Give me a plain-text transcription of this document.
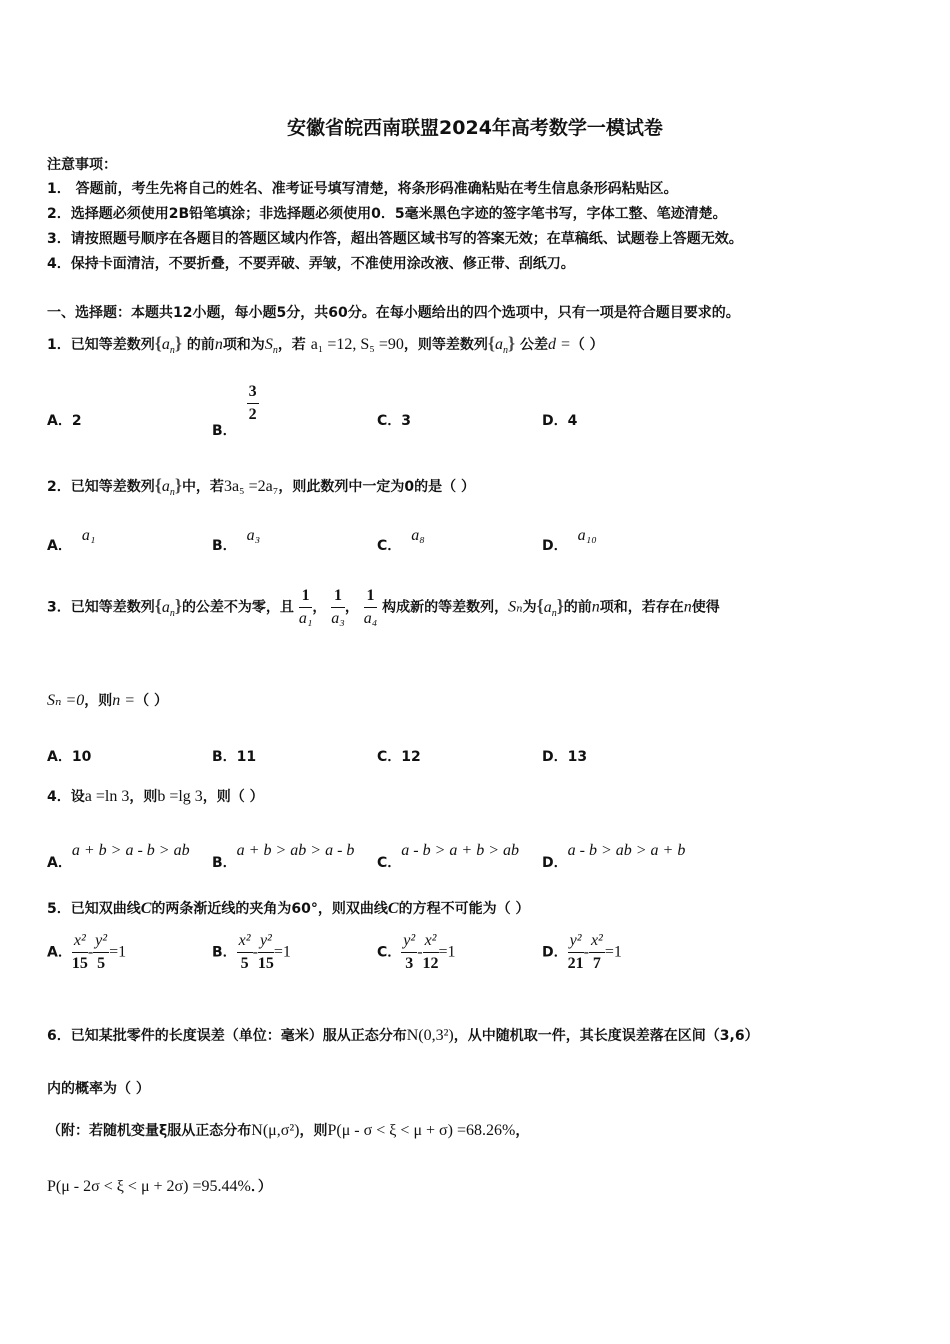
安徽省皖西南联盟2024年高考数学一模试卷
注意事项：
1． 答题前，考生先将自己的姓名、准考证号填写清楚，将条形码准确粘贴在考生信息条形码粘贴区。
2．选择题必须使用2B铅笔填涂；非选择题必须使用0．5毫米黑色字迹的签字笔书写，字体工整、笔迹清楚。
3．请按照题号顺序在各题目的答题区域内作答，超出答题区域书写的答案无效；在草稿纸、试题卷上答题无效。
4．保持卡面清洁，不要折叠，不要弄破、弄皱，不准使用涂改液、修正带、刮纸刀。
一、选择题：本题共12小题，每小题5分，共60分。在每小题给出的四个选项中，只有一项是符合题目要求的。
1．已知等差数列$\{a_n\}$ 的前n项和为$S_n$，若 a₁ =12, S₅ =90，则等差数列$\{a_n\}$ 公差d =（ ）
A．2
B．
$\frac{3}{2}$	C．3	D．4
2．已知等差数列$\{a_n\}$中，若3a₅ =2a₇，则此数列中一定为0的是（ ）
A．a₁
B．a₃
C．a₈
D．a₁₀
3．已知等差数列$\{a_n\}$的公差不为零，且 $\frac{1}{\text{a₁}}$ ， $\frac{1}{\text{a₃}}$ ， $\frac{1}{\text{a₄}}$ 构成新的等差数列，Sₙ为$\{a_n\}$的前n项和，若存在n使得
Sₙ =0，则n =（ ）
A．10	B．11	C．12	D．13
4．设a =ln 3，则b =lg 3，则（ ）
A．a + b > a - b > ab
B．a + b > ab > a - b
C．a - b > a + b > ab
D．a - b > ab > a + b
5．已知双曲线C的两条渐近线的夹角为60°，则双曲线C的方程不可能为（ ）
A． $\frac{\text{x²}}{15} - \frac{\text{y²}}{5} =1$	B． $\frac{\text{x²}}{5} - \frac{\text{y²}}{15} =1$	C． $\frac{\text{y²}}{3} - \frac{\text{x²}}{12} =1$	D． $\frac{\text{y²}}{21} - \frac{\text{x²}}{7} =1$
6．已知某批零件的长度误差（单位：毫米）服从正态分布N(0,3²)，从中随机取一件，其长度误差落在区间（3,6）
内的概率为（ ）
（附：若随机变量ξ服从正态分布N(μ,σ²)，则P(μ - σ < ξ < μ + σ) =68.26%，
P(μ - 2σ < ξ < μ + 2σ) =95.44%．）
